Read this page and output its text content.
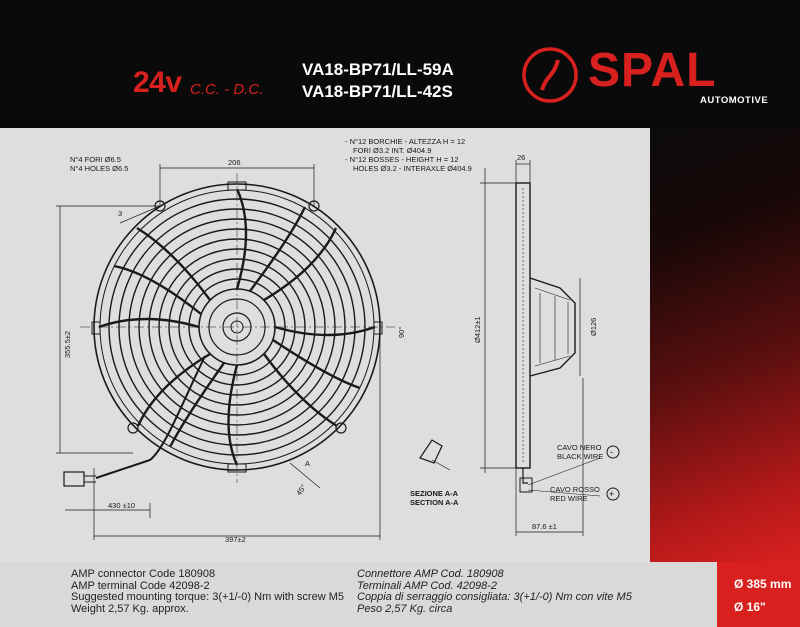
24v C.C. - D.C.
VA18-BP71/LL-59A
VA18-BP71/LL-42S	SPAL
AUTOMOTIVE
N°4 FORI Ø6.5
N°4 HOLES Ø6.5
- N°12 BORCHIE - ALTEZZA H = 12
FORI Ø3.2 INT. Ø404.9
- N°12 BOSSES - HEIGHT H = 12
HOLES Ø3.2 - INTERAXLE Ø404.9
206
26
3
355.5±2	90°
45°
Ø412±1	Ø126
430 ±10
397±2
87.6 ±1
A
SEZIONE A-A
SECTION A-A
CAVO NERO
BLACK WIRE
CAVO ROSSO
RED WIRE
-
+
AMP connector Code 180908
AMP terminal Code 42098-2
Suggested mounting torque: 3(+1/-0) Nm with screw M5
Weight 2,57 Kg. approx.
Connettore AMP Cod. 180908
Terminali AMP Cod. 42098-2
Coppia di serraggio consigliata: 3(+1/-0) Nm con vite M5
Peso 2,57 Kg. circa
Ø 385 mm
Ø 16"
